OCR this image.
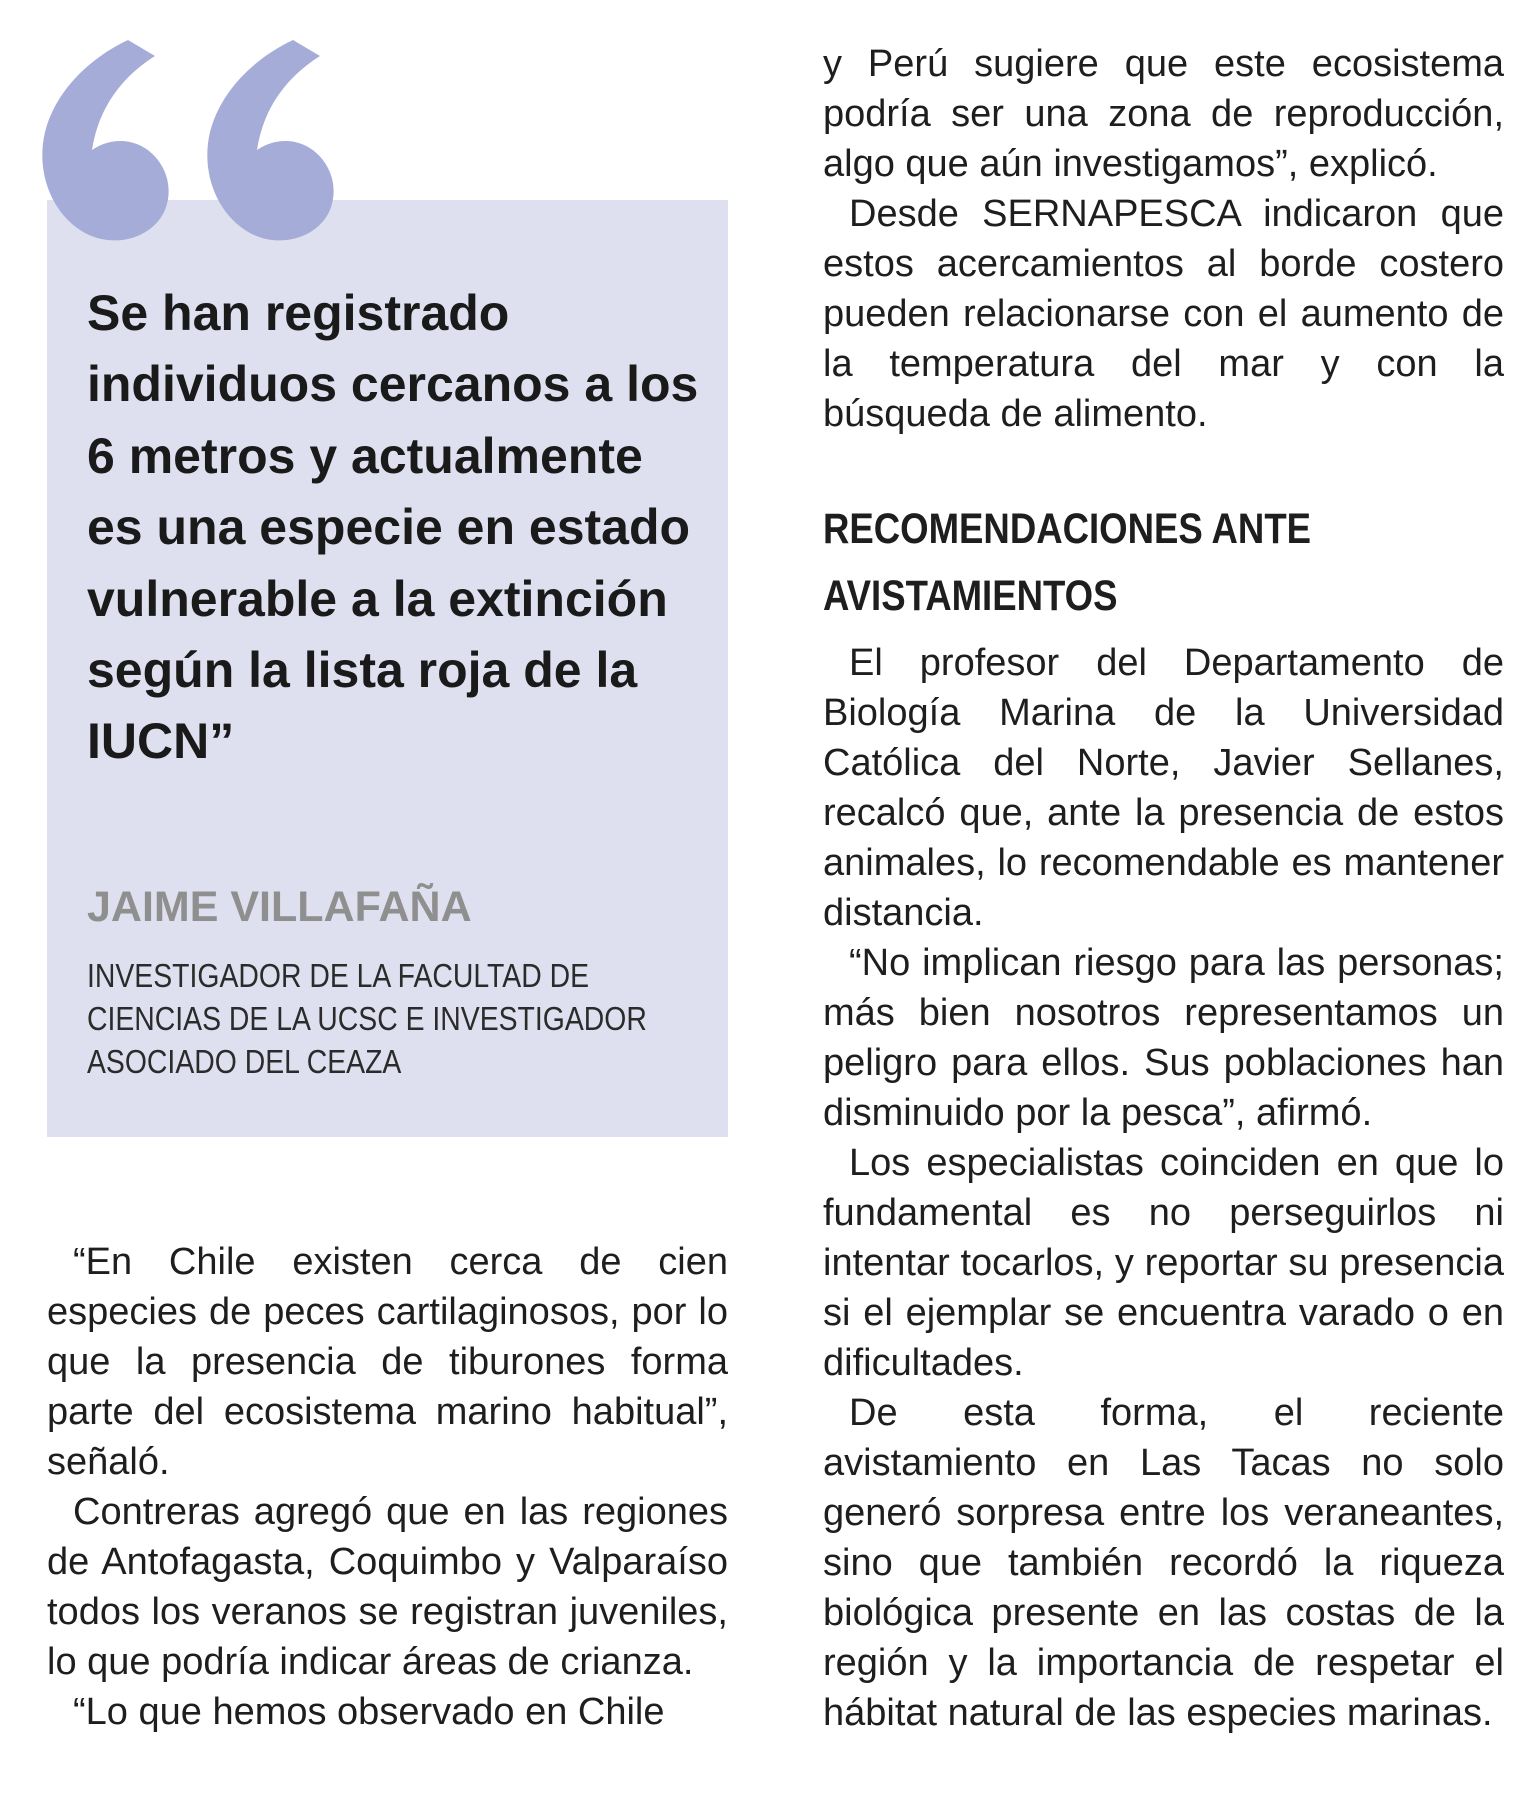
Se han registrado individuos cercanos a los 6 metros y actualmente es una especie en estado vulnerable a la extinción según la lista roja de la IUCN”

JAIME VILLAFAÑA

INVESTIGADOR DE LA FACULTAD DE CIENCIAS DE LA UCSC E INVESTIGADOR ASOCIADO DEL CEAZA

“En Chile existen cerca de cien especies de peces cartilaginosos, por lo que la presencia de tiburones forma parte del ecosistema marino habitual”, señaló.

Contreras agregó que en las regiones de Antofagasta, Coquimbo y Valparaíso todos los veranos se registran juveniles, lo que podría indicar áreas de crianza.

“Lo que hemos observado en Chile

y Perú sugiere que este ecosistema podría ser una zona de reproducción, algo que aún investigamos”, explicó.

Desde SERNAPESCA indicaron que estos acercamientos al borde costero pueden relacionarse con el aumento de la temperatura del mar y con la búsqueda de alimento.

RECOMENDACIONES ANTE AVISTAMIENTOS

El profesor del Departamento de Biología Marina de la Universidad Católica del Norte, Javier Sellanes, recalcó que, ante la presencia de estos animales, lo recomendable es mantener distancia.

“No implican riesgo para las personas; más bien nosotros representamos un peligro para ellos. Sus poblaciones han disminuido por la pesca”, afirmó.

Los especialistas coinciden en que lo fundamental es no perseguirlos ni intentar tocarlos, y reportar su presencia si el ejemplar se encuentra varado o en dificultades.

De esta forma, el reciente avistamiento en Las Tacas no solo generó sorpresa entre los veraneantes, sino que también recordó la riqueza biológica presente en las costas de la región y la importancia de respetar el hábitat natural de las especies marinas.
